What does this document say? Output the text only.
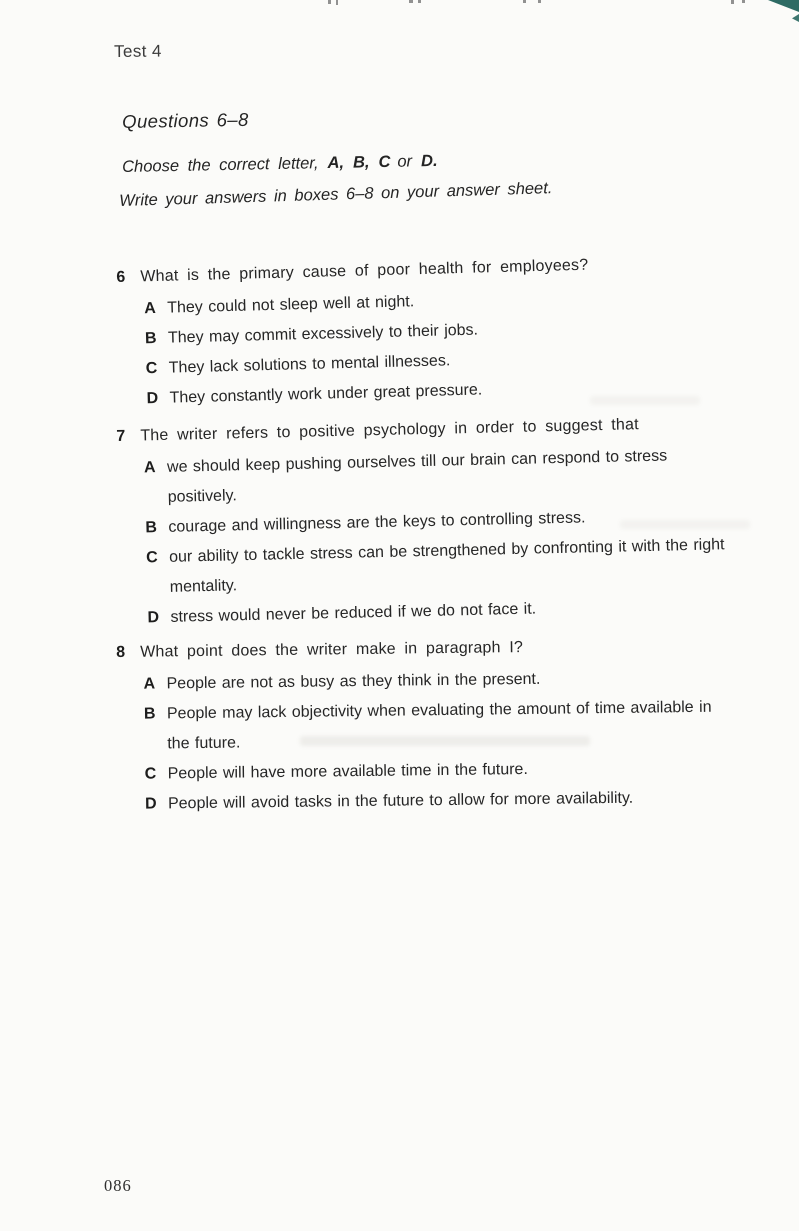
Test 4
Questions 6–8
Choose the correct letter, A, B, C or D.
Write your answers in boxes 6–8 on your answer sheet.
6 What is the primary cause of poor health for employees?
A They could not sleep well at night.
B They may commit excessively to their jobs.
C They lack solutions to mental illnesses.
D They constantly work under great pressure.
7 The writer refers to positive psychology in order to suggest that
A we should keep pushing ourselves till our brain can respond to stress
positively.
B courage and willingness are the keys to controlling stress.
C our ability to tackle stress can be strengthened by confronting it with the right
mentality.
D stress would never be reduced if we do not face it.
8 What point does the writer make in paragraph I?
A People are not as busy as they think in the present.
B People may lack objectivity when evaluating the amount of time available in
the future.
C People will have more available time in the future.
D People will avoid tasks in the future to allow for more availability.
086
